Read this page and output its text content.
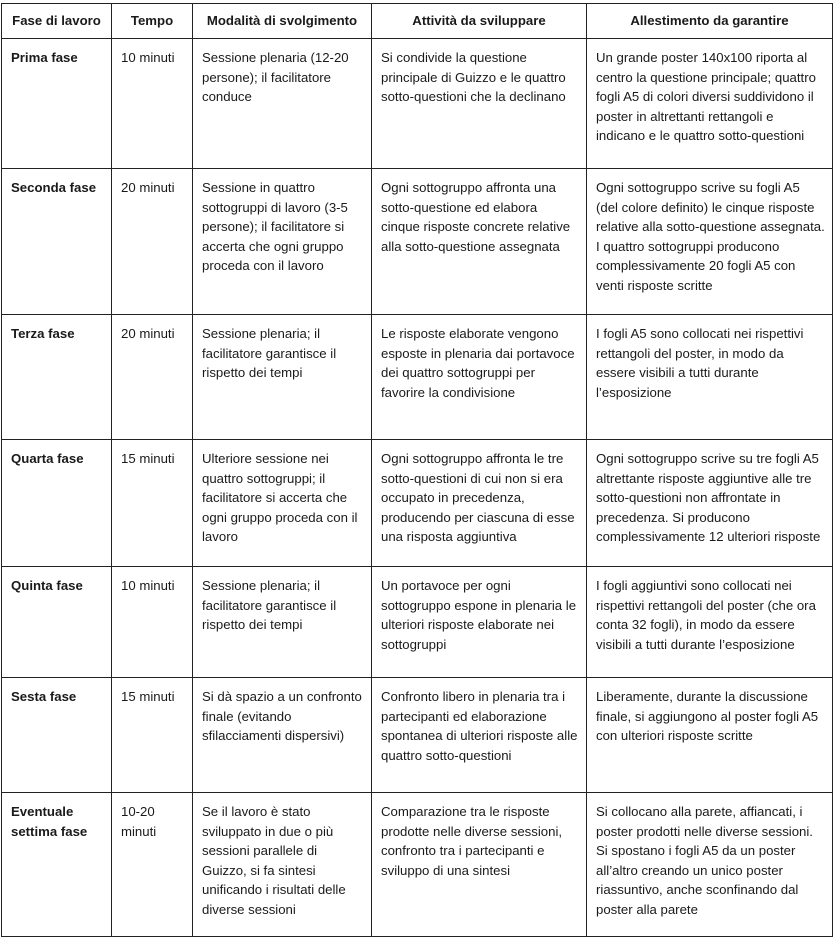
Fase di lavoro	Tempo	Modalità di svolgimento	Attività da sviluppare	Allestimento da garantire
Prima fase	10 minuti	Sessione plenaria (12-20 persone); il facilitatore conduce	Si condivide la questione principale di Guizzo e le quattro sotto-questioni che la declinano	Un grande poster 140x100 riporta al centro la questione principale; quattro fogli A5 di colori diversi suddividono il poster in altrettanti rettangoli e indicano e le quattro sotto-questioni
Seconda fase	20 minuti	Sessione in quattro sottogruppi di lavoro (3-5 persone); il facilitatore si accerta che ogni gruppo proceda con il lavoro	Ogni sottogruppo affronta una sotto-questione ed elabora cinque risposte concrete relative alla sotto-questione assegnata	Ogni sottogruppo scrive su fogli A5 (del colore definito) le cinque risposte relative alla sotto-questione assegnata. I quattro sottogruppi producono complessivamente 20 fogli A5 con venti risposte scritte
Terza fase	20 minuti	Sessione plenaria; il facilitatore garantisce il rispetto dei tempi	Le risposte elaborate vengono esposte in plenaria dai portavoce dei quattro sottogruppi per favorire la condivisione	I fogli A5 sono collocati nei rispettivi rettangoli del poster, in modo da essere visibili a tutti durante l’esposizione
Quarta fase	15 minuti	Ulteriore sessione nei quattro sottogruppi; il facilitatore si accerta che ogni gruppo proceda con il lavoro	Ogni sottogruppo affronta le tre sotto-questioni di cui non si era occupato in precedenza, producendo per ciascuna di esse una risposta aggiuntiva	Ogni sottogruppo scrive su tre fogli A5 altrettante risposte aggiuntive alle tre sotto-questioni non affrontate in precedenza. Si producono complessivamente 12 ulteriori risposte
Quinta fase	10 minuti	Sessione plenaria; il facilitatore garantisce il rispetto dei tempi	Un portavoce per ogni sottogruppo espone in plenaria le ulteriori risposte elaborate nei sottogruppi	I fogli aggiuntivi sono collocati nei rispettivi rettangoli del poster (che ora conta 32 fogli), in modo da essere visibili a tutti durante l’esposizione
Sesta fase	15 minuti	Si dà spazio a un confronto finale (evitando sfilacciamenti dispersivi)	Confronto libero in plenaria tra i partecipanti ed elaborazione spontanea di ulteriori risposte alle quattro sotto-questioni	Liberamente, durante la discussione finale, si aggiungono al poster fogli A5 con ulteriori risposte scritte
Eventuale settima fase	10-20 minuti	Se il lavoro è stato sviluppato in due o più sessioni parallele di Guizzo, si fa sintesi unificando i risultati delle diverse sessioni	Comparazione tra le risposte prodotte nelle diverse sessioni, confronto tra i partecipanti e sviluppo di una sintesi	Si collocano alla parete, affiancati, i poster prodotti nelle diverse sessioni. Si spostano i fogli A5 da un poster all’altro creando un unico poster riassuntivo, anche sconfinando dal poster alla parete
